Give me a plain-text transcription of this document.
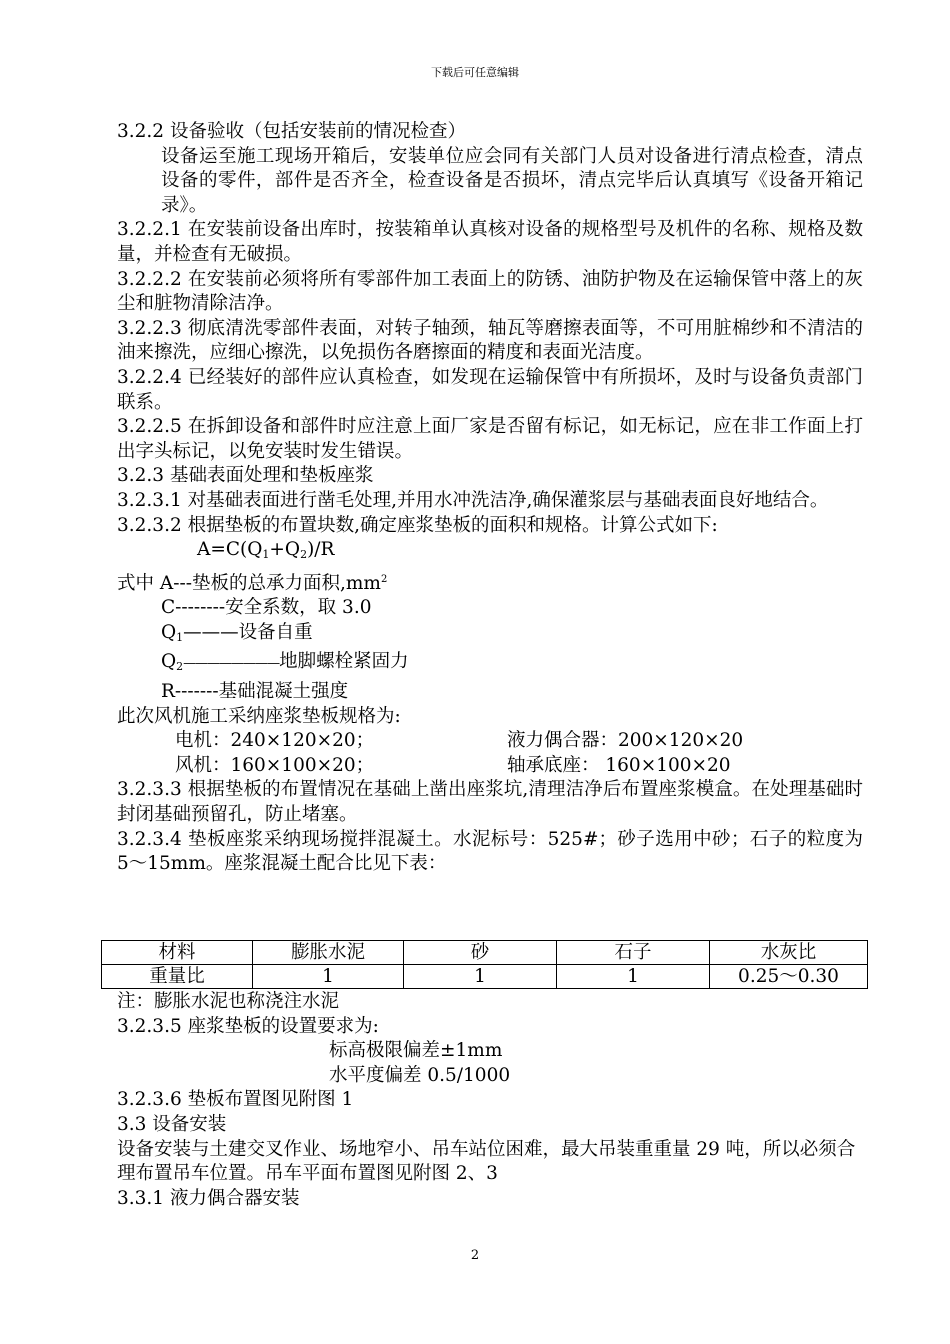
下载后可任意编辑

3.2.2 设备验收（包括安装前的情况检查）

设备运至施工现场开箱后，安装单位应会同有关部门人员对设备进行清点检查，清点设备的零件，部件是否齐全，检查设备是否损坏，清点完毕后认真填写《设备开箱记录》。

3.2.2.1 在安装前设备出库时，按装箱单认真核对设备的规格型号及机件的名称、规格及数量，并检查有无破损。

3.2.2.2 在安装前必须将所有零部件加工表面上的防锈、油防护物及在运输保管中落上的灰尘和脏物清除洁净。

3.2.2.3 彻底清洗零部件表面，对转子轴颈，轴瓦等磨擦表面等，不可用脏棉纱和不清洁的油来擦洗，应细心擦洗，以免损伤各磨擦面的精度和表面光洁度。

3.2.2.4 已经装好的部件应认真检查，如发现在运输保管中有所损坏，及时与设备负责部门联系。

3.2.2.5 在拆卸设备和部件时应注意上面厂家是否留有标记，如无标记，应在非工作面上打出字头标记，以免安装时发生错误。

3.2.3 基础表面处理和垫板座浆

3.2.3.1 对基础表面进行凿毛处理,并用水冲洗洁净,确保灌浆层与基础表面良好地结合。

3.2.3.2 根据垫板的布置块数,确定座浆垫板的面积和规格。计算公式如下:

$A=C(Q_1+Q_2)/R$

式中 A---垫板的总承力面积$,mm^2$

C--------安全系数，取 3.0

$Q_1———$设备自重

$Q_2————————$地脚螺栓紧固力

R-------基础混凝土强度

此次风机施工采纳座浆垫板规格为:

电机：240×120×20；	液力偶合器：200×120×20

风机：160×100×20；	轴承底座： 160×100×20

3.2.3.3 根据垫板的布置情况在基础上凿出座浆坑,清理洁净后布置座浆模盒。在处理基础时封闭基础预留孔，防止堵塞。

3.2.3.4 垫板座浆采纳现场搅拌混凝土。水泥标号：525#；砂子选用中砂；石子的粒度为 5～15mm。座浆混凝土配合比见下表：

材料	膨胀水泥	砂	石子	水灰比
重量比	1	1	1	0.25～0.30

注：膨胀水泥也称浇注水泥

3.2.3.5 座浆垫板的设置要求为:

标高极限偏差±1mm

水平度偏差 0.5/1000

3.2.3.6 垫板布置图见附图 1

3.3 设备安装

设备安装与土建交叉作业、场地窄小、吊车站位困难，最大吊装重重量 29 吨，所以必须合理布置吊车位置。吊车平面布置图见附图 2、3

3.3.1 液力偶合器安装

2
